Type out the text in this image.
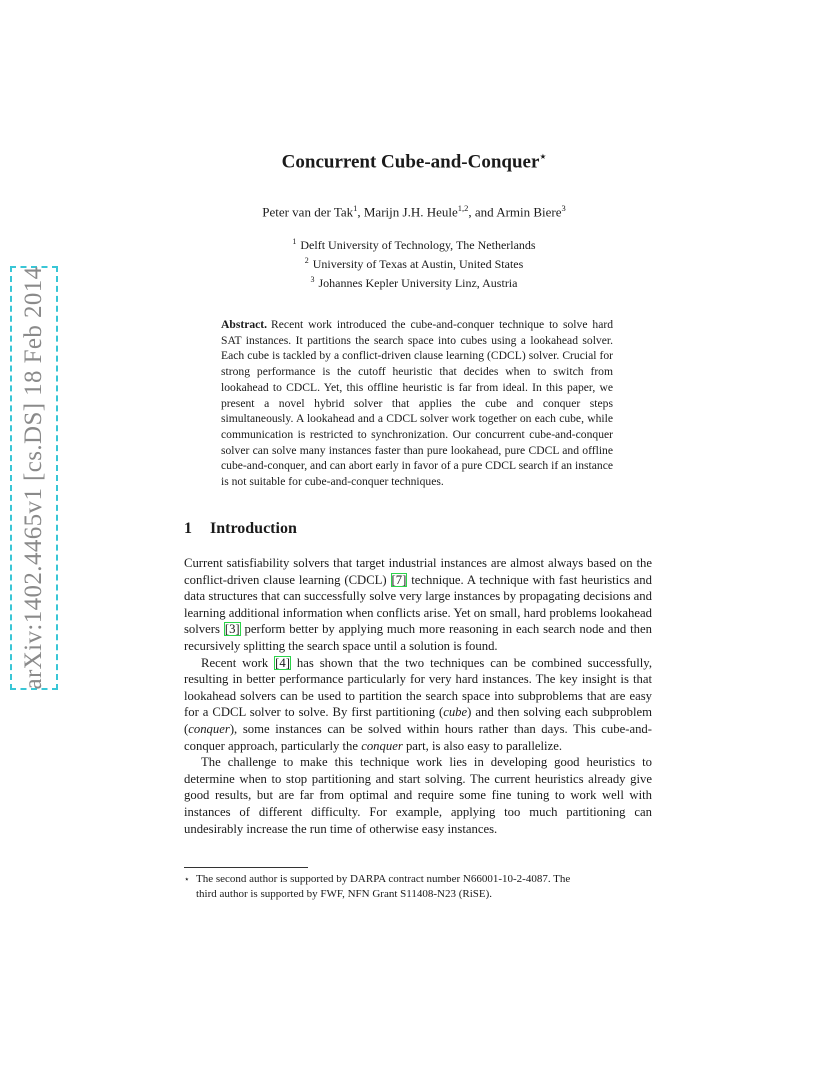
arXiv:1402.4465v1 [cs.DS] 18 Feb 2014
Concurrent Cube-and-Conquer⋆
Peter van der Tak$^1$, Marijn J.H. Heule$^{1,2}$, and Armin Biere$^3$
$^1$ Delft University of Technology, The Netherlands
$^2$ University of Texas at Austin, United States
$^3$ Johannes Kepler University Linz, Austria
Abstract. Recent work introduced the cube-and-conquer technique to solve hard SAT instances. It partitions the search space into cubes using a lookahead solver. Each cube is tackled by a conflict-driven clause learning (CDCL) solver. Crucial for strong performance is the cutoff heuristic that decides when to switch from lookahead to CDCL. Yet, this offline heuristic is far from ideal. In this paper, we present a novel hybrid solver that applies the cube and conquer steps simultaneously. A lookahead and a CDCL solver work together on each cube, while communication is restricted to synchronization. Our concurrent cube-and-conquer solver can solve many instances faster than pure lookahead, pure CDCL and offline cube-and-conquer, and can abort early in favor of a pure CDCL search if an instance is not suitable for cube-and-conquer techniques.
1 Introduction

Current satisfiability solvers that target industrial instances are almost always based on the conflict-driven clause learning (CDCL) [7] technique. A technique with fast heuristics and data structures that can successfully solve very large instances by propagating decisions and learning additional information when conflicts arise. Yet on small, hard problems lookahead solvers [3] perform better by applying much more reasoning in each search node and then recursively splitting the search space until a solution is found.

Recent work [4] has shown that the two techniques can be combined successfully, resulting in better performance particularly for very hard instances. The key insight is that lookahead solvers can be used to partition the search space into subproblems that are easy for a CDCL solver to solve. By first partitioning (cube) and then solving each subproblem (conquer), some instances can be solved within hours rather than days. This cube-and-conquer approach, particularly the conquer part, is also easy to parallelize.

The challenge to make this technique work lies in developing good heuristics to determine when to stop partitioning and start solving. The current heuristics already give good results, but are far from optimal and require some fine tuning to work well with instances of different difficulty. For example, applying too much partitioning can undesirably increase the run time of otherwise easy instances.

⋆ The second author is supported by DARPA contract number N66001-10-2-4087. The
third author is supported by FWF, NFN Grant S11408-N23 (RiSE).
